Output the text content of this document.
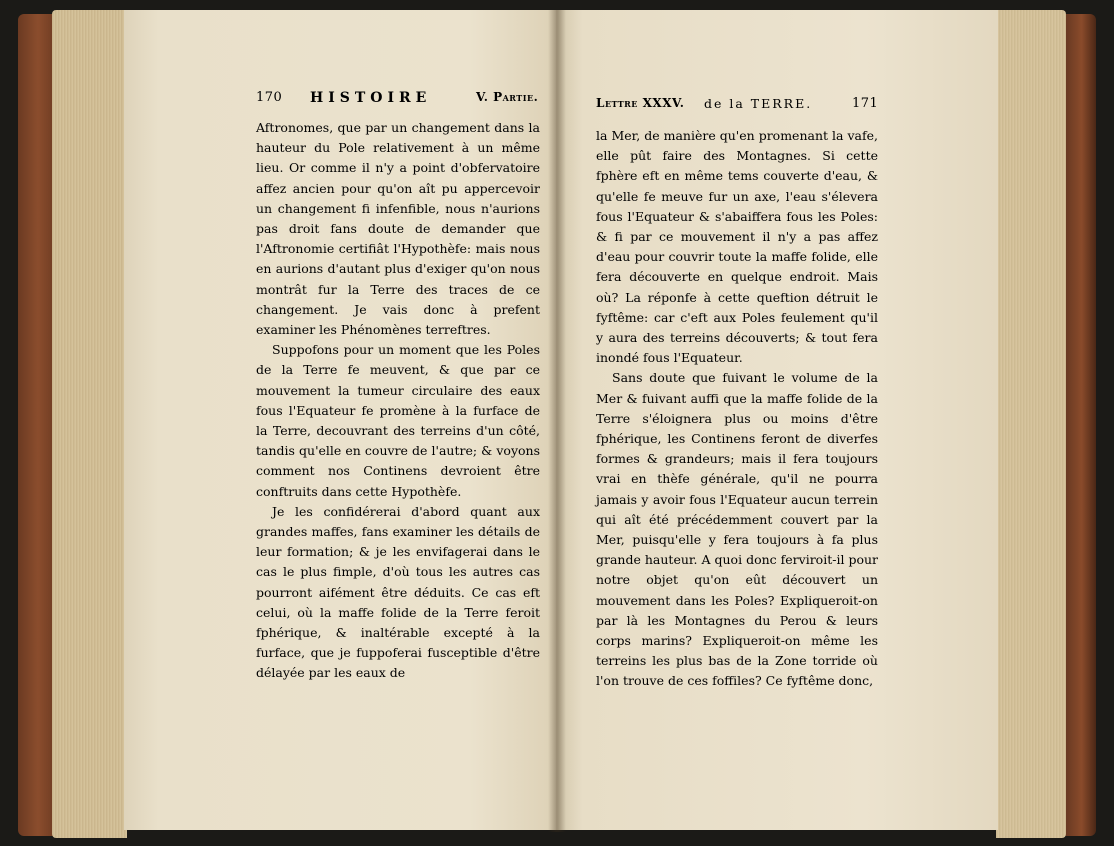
170 HISTOIRE	V. Partie.

Aftronomes, que par un changement dans la hauteur du Pole relativement à un même lieu. Or comme il n'y a point d'obfervatoire affez ancien pour qu'on aît pu appercevoir un changement fi infenfible, nous n'aurions pas droit fans doute de demander que l'Aftronomie certifiât l'Hypothèfe: mais nous en aurions d'autant plus d'exiger qu'on nous montrât fur la Terre des traces de ce changement. Je vais donc à prefent examiner les Phénomènes terreftres.

Suppofons pour un moment que les Poles de la Terre fe meuvent, & que par ce mouvement la tumeur circulaire des eaux fous l'Equateur fe promène à la furface de la Terre, decouvrant des terreins d'un côté, tandis qu'elle en couvre de l'autre; & voyons comment nos Continens devroient être conftruits dans cette Hypothèfe.

Je les confidérerai d'abord quant aux grandes maffes, fans examiner les détails de leur formation; & je les envifagerai dans le cas le plus fimple, d'où tous les autres cas pourront aifément être déduits. Ce cas eft celui, où la maffe folide de la Terre feroit fphérique, & inaltérable excepté à la furface, que je fuppoferai fusceptible d'être délayée par les eaux de

Lettre XXXV. de la TERRE.	171

la Mer, de manière qu'en promenant la vafe, elle pût faire des Montagnes. Si cette fphère eft en même tems couverte d'eau, & qu'elle fe meuve fur un axe, l'eau s'élevera fous l'Equateur & s'abaiffera fous les Poles: & fi par ce mouvement il n'y a pas affez d'eau pour couvrir toute la maffe folide, elle fera découverte en quelque endroit. Mais où? La réponfe à cette queftion détruit le fyftême: car c'eft aux Poles feulement qu'il y aura des terreins découverts; & tout fera inondé fous l'Equateur.

Sans doute que fuivant le volume de la Mer & fuivant auffi que la maffe folide de la Terre s'éloignera plus ou moins d'être fphérique, les Continens feront de diverfes formes & grandeurs; mais il fera toujours vrai en thèfe générale, qu'il ne pourra jamais y avoir fous l'Equateur aucun terrein qui aît été précédemment couvert par la Mer, puisqu'elle y fera toujours à fa plus grande hauteur. A quoi donc ferviroit-il pour notre objet qu'on eût découvert un mouvement dans les Poles? Expliqueroit-on par là les Montagnes du Perou & leurs corps marins? Expliqueroit-on même les terreins les plus bas de la Zone torride où l'on trouve de ces foffiles? Ce fyftême donc,
